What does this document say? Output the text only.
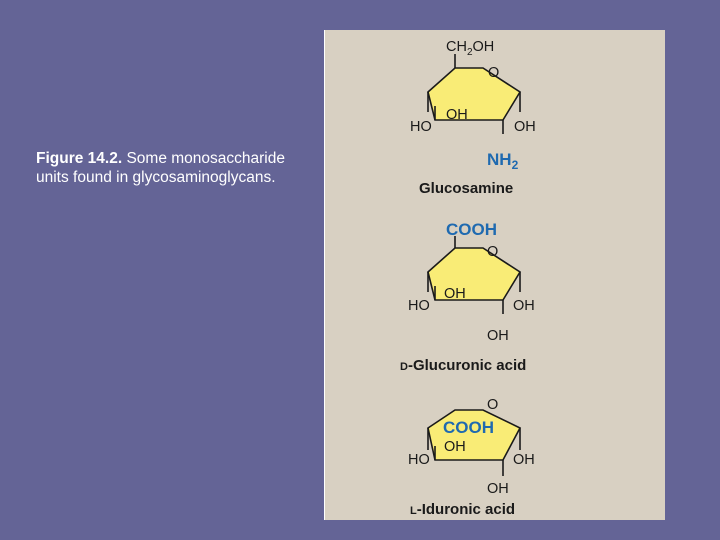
Figure 14.2. Some monosaccharide units found in glycosaminoglycans.
$CH_2OH$
O
HO
OH
OH
$NH_2$
Glucosamine
COOH
O
HO
OH
OH
OH
D-Glucuronic acid
O
COOH
OH
HO	OH
OH
L-Iduronic acid
